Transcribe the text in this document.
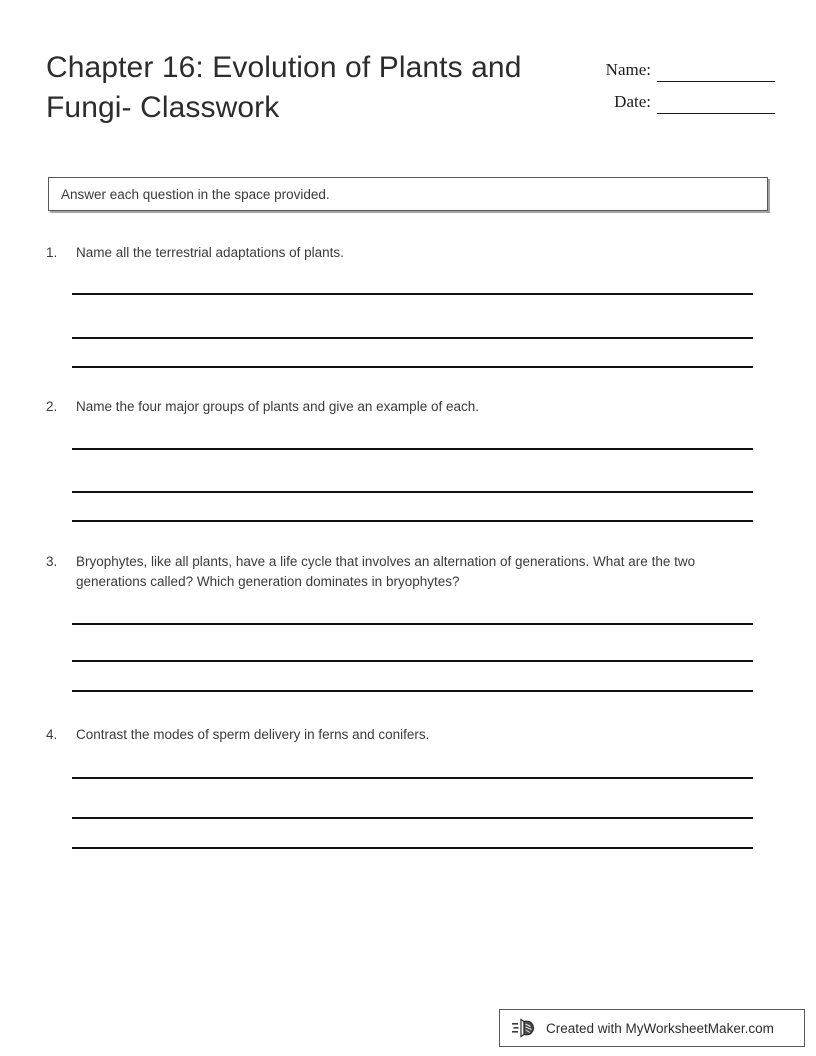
Chapter 16: Evolution of Plants and Fungi- Classwork
Name:
Date:
Answer each question in the space provided.
1.	Name all the terrestrial adaptations of plants.
2.	Name the four major groups of plants and give an example of each.
3.	Bryophytes, like all plants, have a life cycle that involves an alternation of generations. What are the two generations called? Which generation dominates in bryophytes?
4.	Contrast the modes of sperm delivery in ferns and conifers.
Created with MyWorksheetMaker.com
